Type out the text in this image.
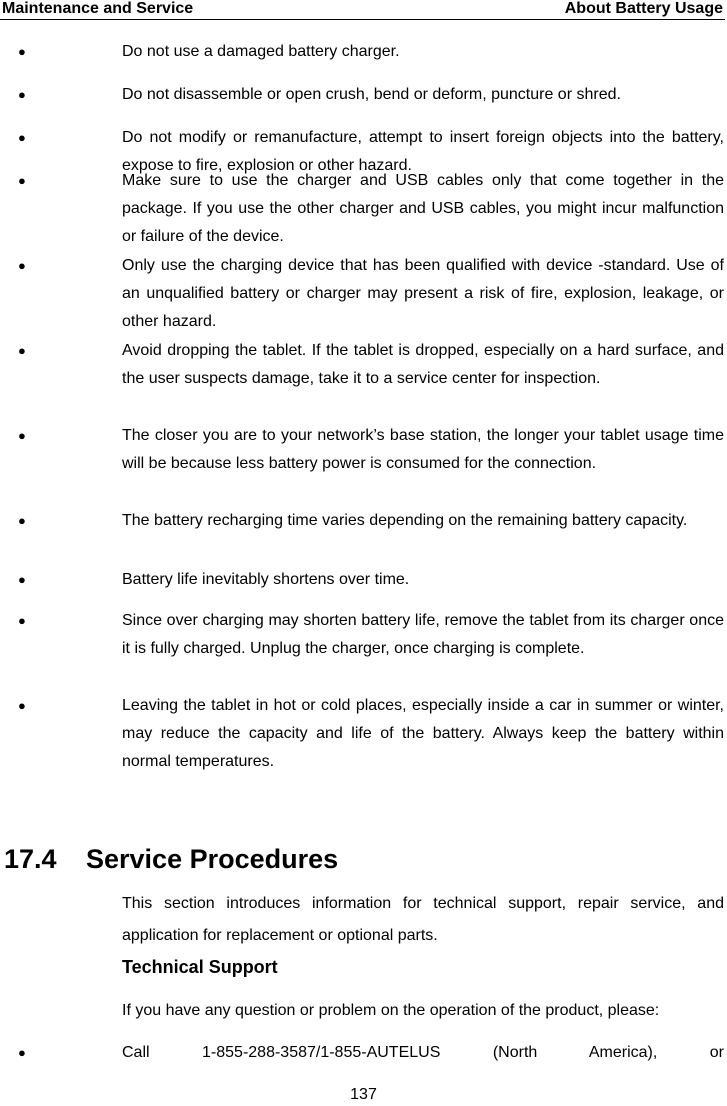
Maintenance and Service	About Battery Usage
●	Do not use a damaged battery charger.
●	Do not disassemble or open crush, bend or deform, puncture or shred.
●	Do not modify or remanufacture, attempt to insert foreign objects into the battery, expose to fire, explosion or other hazard.
●	Make sure to use the charger and USB cables only that come together in the package. If you use the other charger and USB cables, you might incur malfunction or failure of the device.
●	Only use the charging device that has been qualified with device -standard. Use of an unqualified battery or charger may present a risk of fire, explosion, leakage, or other hazard.
●	Avoid dropping the tablet. If the tablet is dropped, especially on a hard surface, and the user suspects damage, take it to a service center for inspection.
●	The closer you are to your network’s base station, the longer your tablet usage time will be because less battery power is consumed for the connection.
●	The battery recharging time varies depending on the remaining battery capacity.
●	Battery life inevitably shortens over time.
●	Since over charging may shorten battery life, remove the tablet from its charger once it is fully charged. Unplug the charger, once charging is complete.
●	Leaving the tablet in hot or cold places, especially inside a car in summer or winter, may reduce the capacity and life of the battery. Always keep the battery within normal temperatures.
17.4 Service Procedures
This section introduces information for technical support, repair service, and application for replacement or optional parts.
Technical Support
If you have any question or problem on the operation of the product, please:
●	Call 1-855-288-3587/1-855-AUTELUS (North America), or
137
